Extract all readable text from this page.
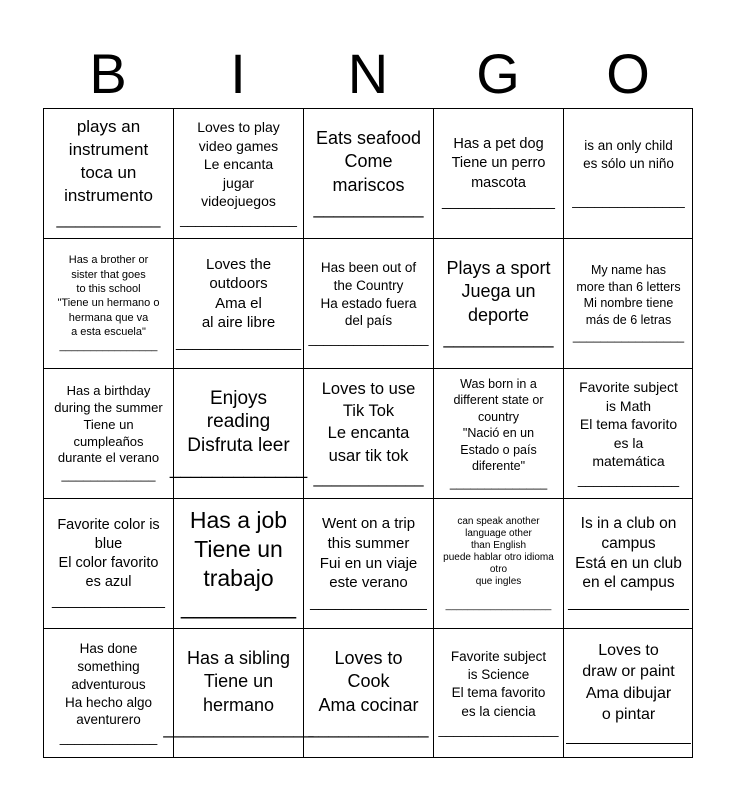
B	I	N	G	O
plays an
instrument
toca un
instrumento
___________
Loves to play
video games
Le encanta
jugar
videojuegos
_______________
Eats seafood
Come
mariscos
___________
Has a pet dog
Tiene un perro
mascota
______________
is an only child
es sólo un niño

_______________
Has a brother or
sister that goes
to this school
"Tiene un hermano o
hermana que va
a esta escuela"
________________
Loves the
outdoors
Ama el
al aire libre
_______________
Has been out of
the Country
Ha estado fuera
del país
________________
Plays a sport
Juega un
deporte
___________
My name has
more than 6 letters
Mi nombre tiene
más de 6 letras
________________
Has a birthday
during the summer
Tiene un
cumpleaños
durante el verano
_____________
Enjoys
reading
Disfruta leer
_____________
Loves to use
Tik Tok
Le encanta
usar tik tok
____________
Was born in a
different state or
country
"Nació en un
Estado o país
diferente"
______________
Favorite subject
is Math
El tema favorito
es la
matemática
_____________
Favorite color is
blue
El color favorito
es azul
______________
Has a job
Tiene un
trabajo
_________
Went on a trip
this summer
Fui en un viaje
este verano
______________
can speak another
language other
than English
puede hablar otro idioma
otro
que ingles

___________________
Is in a club on
campus
Está en un club
en el campus
______________
Has done
something
adventurous
Ha hecho algo
aventurero
_____________
Has a sibling
Tiene un
hermano
_______________
Loves to
Cook
Ama cocinar
____________
Favorite subject
is Science
El tema favorito
es la ciencia
________________
Loves to
draw or paint
Ama dibujar
o pintar
______________
